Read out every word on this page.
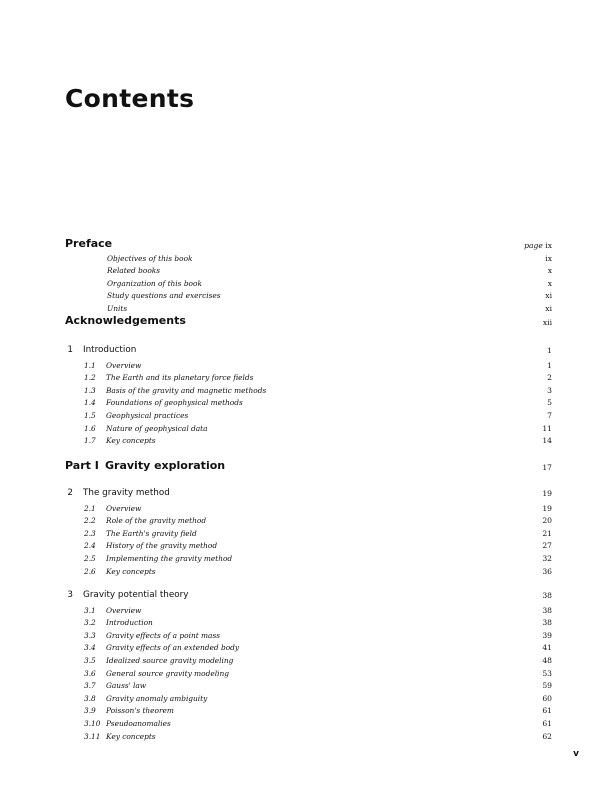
Contents
Preface	page ix
Objectives of this book	ix
Related books	x
Organization of this book	x
Study questions and exercises	xi
Units	xi
Acknowledgements	xii
1 Introduction	1
1.1 Overview	1
1.2 The Earth and its planetary force fields	2
1.3 Basis of the gravity and magnetic methods	3
1.4 Foundations of geophysical methods	5
1.5 Geophysical practices	7
1.6 Nature of geophysical data	11
1.7 Key concepts	14
Part I Gravity exploration	17
2 The gravity method	19
2.1 Overview	19
2.2 Role of the gravity method	20
2.3 The Earth's gravity field	21
2.4 History of the gravity method	27
2.5 Implementing the gravity method	32
2.6 Key concepts	36
3 Gravity potential theory	38
3.1 Overview	38
3.2 Introduction	38
3.3 Gravity effects of a point mass	39
3.4 Gravity effects of an extended body	41
3.5 Idealized source gravity modeling	48
3.6 General source gravity modeling	53
3.7 Gauss' law	59
3.8 Gravity anomaly ambiguity	60
3.9 Poisson's theorem	61
3.10 Pseudoanomalies	61
3.11 Key concepts	62
v
